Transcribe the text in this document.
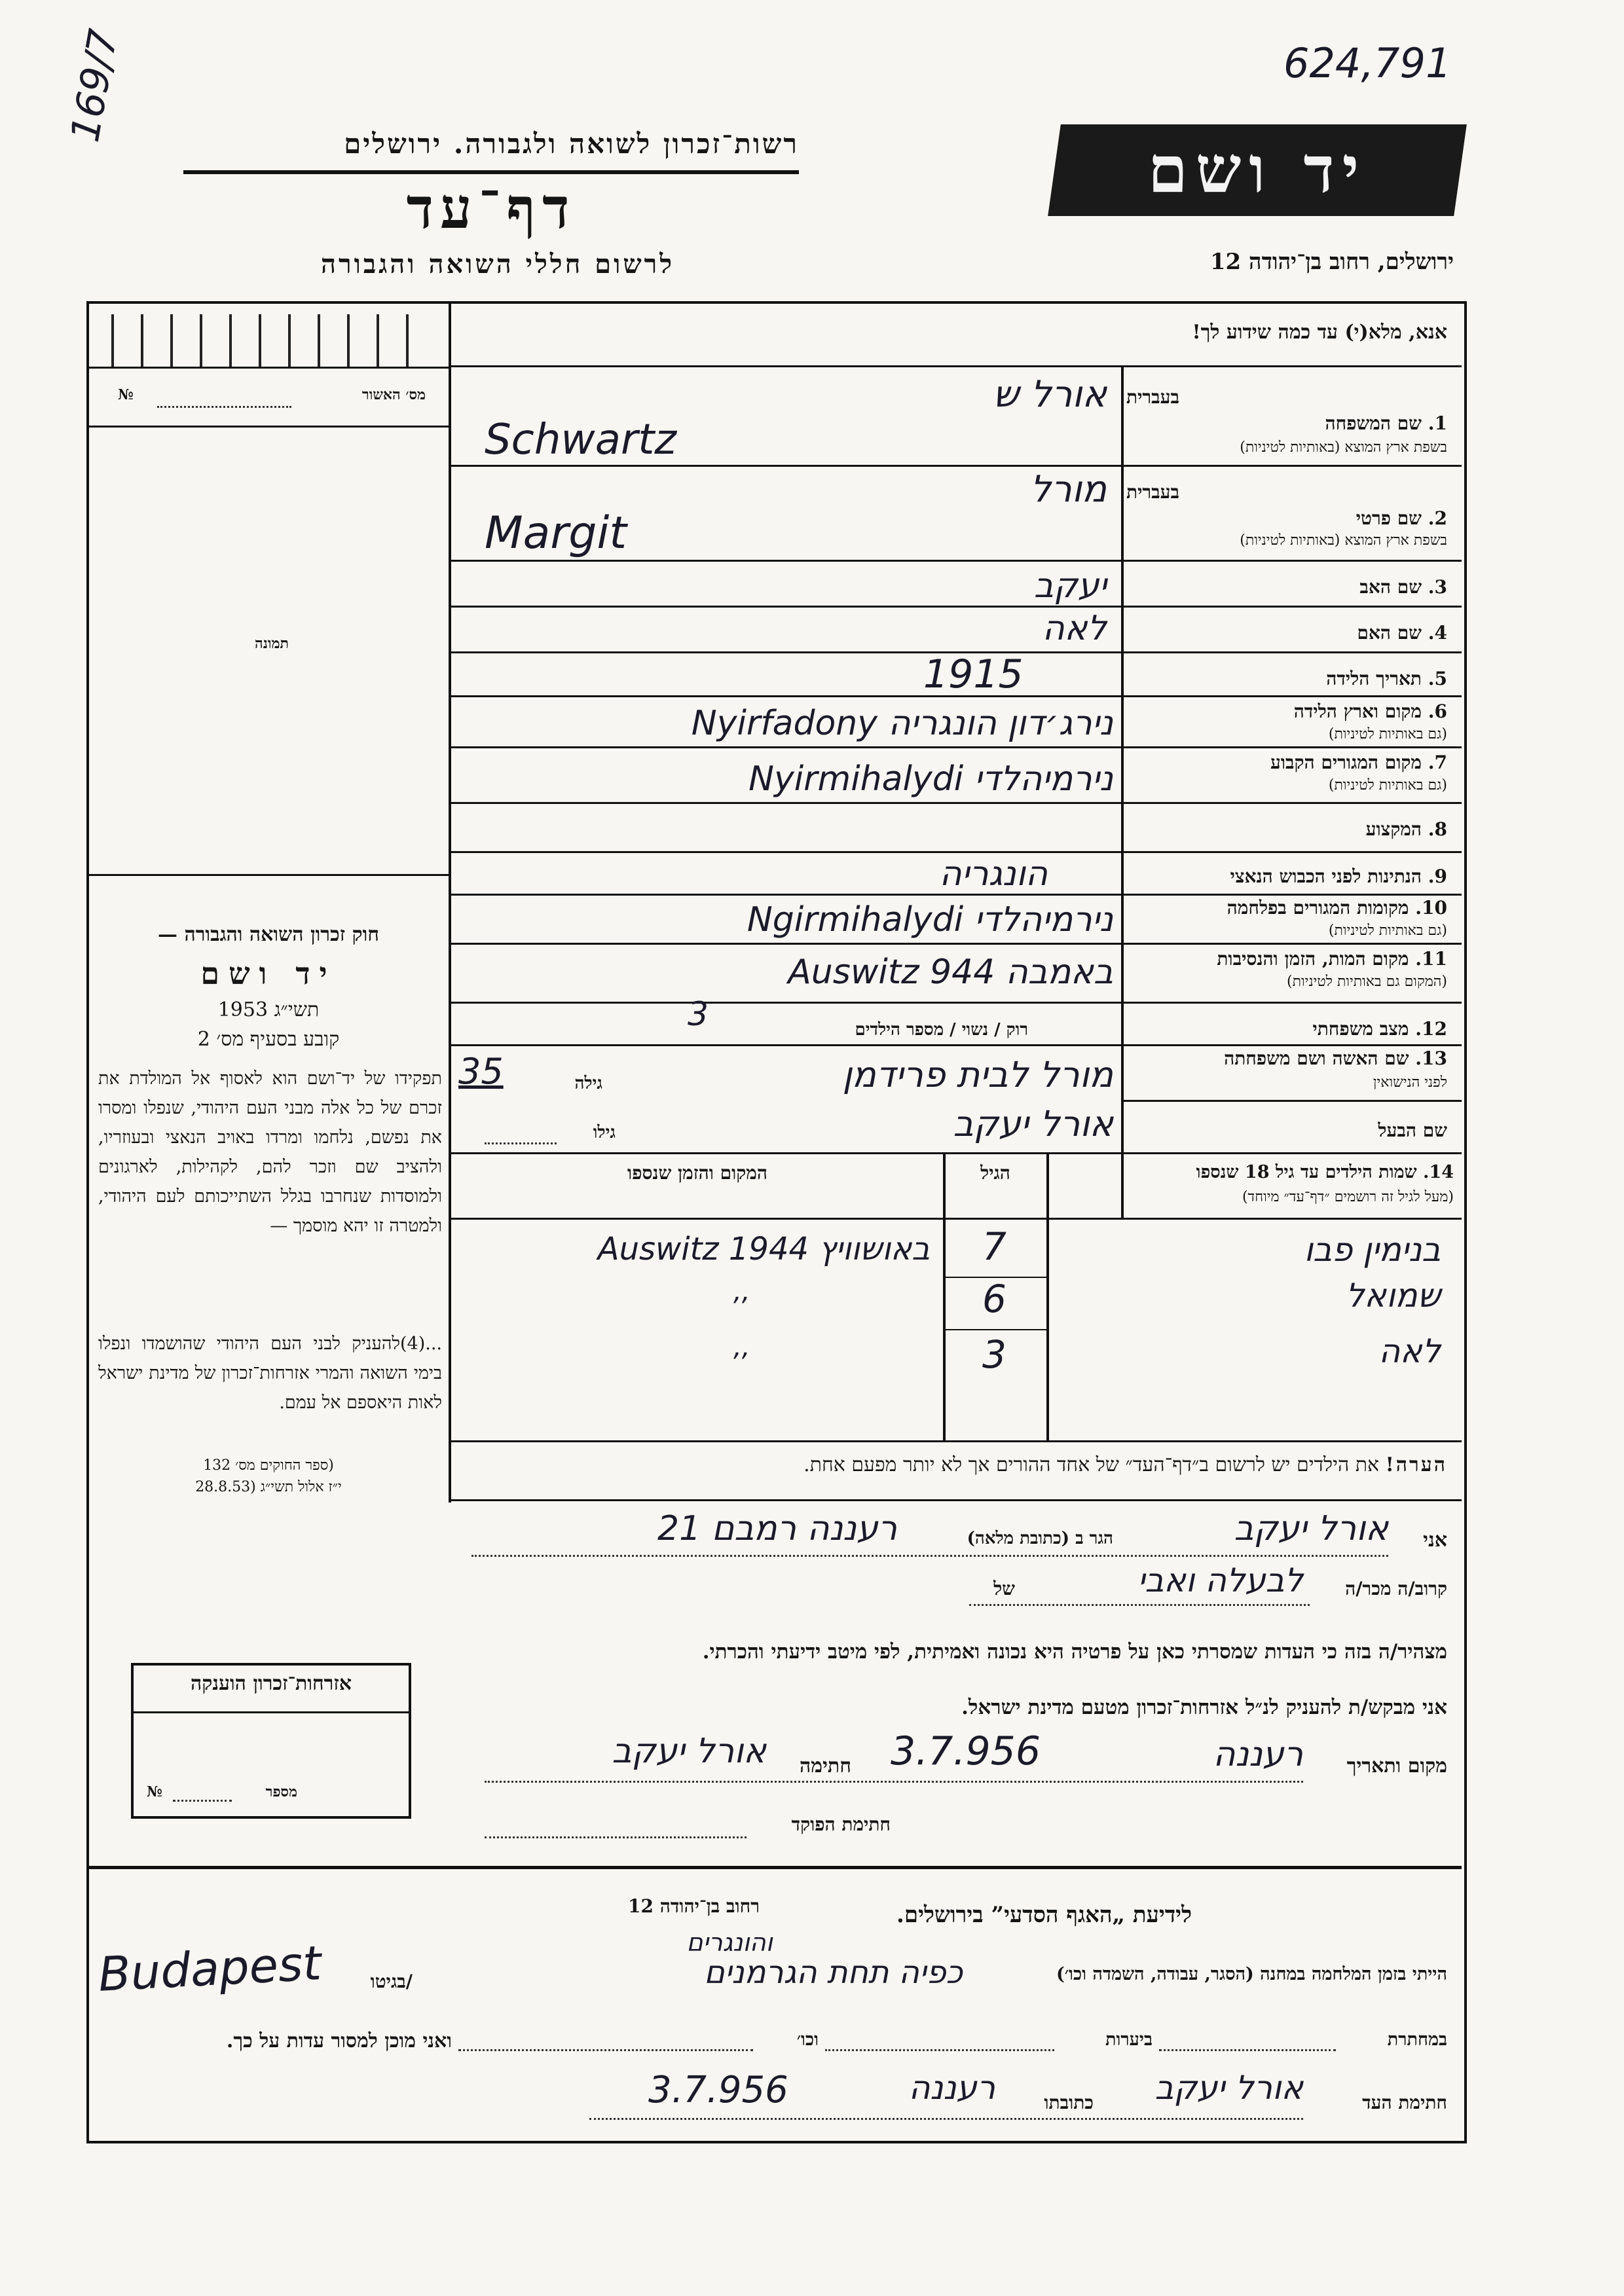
169/7	624,791
רשות־זכרון לשואה ולגבורה. ירושלים
דף־עד
לרשום חללי השואה והגבורה
יד ושם
ירושלים, רחוב בן־יהודה 12
מס׳ האשור
№
תמונה
חוק זכרון השואה והגבורה —
יד ושם
תשי״ג 1953
קובע בסעיף מס׳ 2
תפקידו של יד־ושם הוא לאסוף אל המולדת את זכרם של כל אלה מבני העם היהודי, שנפלו ומסרו את נפשם, נלחמו ומרדו באויב הנאצי ובעוזריו, ולהציב שם וזכר להם, לקהילות, לארגונים ולמוסדות שנחרבו בגלל השתייכותם לעם היהודי, ולמטרה זו יהא מוסמך —
...(4)להעניק לבני העם היהודי שהושמדו ונפלו בימי השואה והמרי אזרחות־זכרון של מדינת ישראל לאות היאספם אל עמם.
(ספר החוקים מס׳ 132
י״ז אלול תשי״ג (28.8.53
אנא, מלא(י) עד כמה שידוע לך!
בעברית
1. שם המשפחה
בשפת ארץ המוצא (באותיות לטיניות)
בעברית
2. שם פרטי
בשפת ארץ המוצא (באותיות לטיניות)
3. שם האב
4. שם האם
5. תאריך הלידה
6. מקום וארץ הלידה
(גם באותיות לטיניות)
7. מקום המגורים הקבוע
(גם באותיות לטיניות)
8. המקצוע
9. הנתינות לפני הכבוש הנאצי
10. מקומות המגורים בפלחמה
(גם באותיות לטיניות)
11. מקום המות, הזמן והנסיבות
(המקום גם באותיות לטיניות)
12. מצב משפחתי
13. שם האשה ושם משפחתה
לפני הנישואין
שם הבעל
אורל ש
Schwartz
מורל
Margit
יעקב
לאה
1915
נירג׳דון הונגריה Nyirfadony
נירמיהלדי Nyirmihalydi
הונגריה
נירמיהלדי Ngirmihalydi
באמבה Auswitz 944
רוק / נשוי / מספר הילדים
3
מורל לבית פרידמן
גילה
35
אורל יעקב
גילו
14. שמות הילדים עד גיל 18 שנספו
(מעל לגיל זה רושמים ״דף־עד״ מיוחד)
הגיל
המקום והזמן שנספו
בנימין פבו
7
Auswitz 1944 באושוויץ
שמואל
6
,,
לאה
3
,,
הערה! את הילדים יש לרשום ב״דף־העד״ של אחד ההורים אך לא יותר מפעם אחת.
אני
אורל יעקב
הגר ב (כתובת מלאה)
רעננה רמבם 21
קרוב/ה מכר/ה
לבעלה ואבי
של
מצהיר/ה בזה כי העדות שמסרתי כאן על פרטיה היא נכונה ואמיתית, לפי מיטב ידיעתי והכרתי.
אני מבקש/ת להעניק לנ״ל אזרחות־זכרון מטעם מדינת ישראל.
מקום ותאריך
רעננה
3.7.956
חתימה
אורל יעקב
חתימת הפוקד
אזרחות־זכרון הוענקה
מספר
№
לידיעת „האגף הסדעי” בירושלים.
רחוב בן־יהודה 12
הייתי בזמן המלחמה במחנה (הסגר, עבודה, השמדה וכו׳)
והונגרים
כפיה תחת הגרמנים
/בגיטו
Budapest
במחתרת
ביערות
וכו׳
ואני מוכן למסור עדות על כך.
חתימת העד
אורל יעקב
כתובתו
רעננה
3.7.956
